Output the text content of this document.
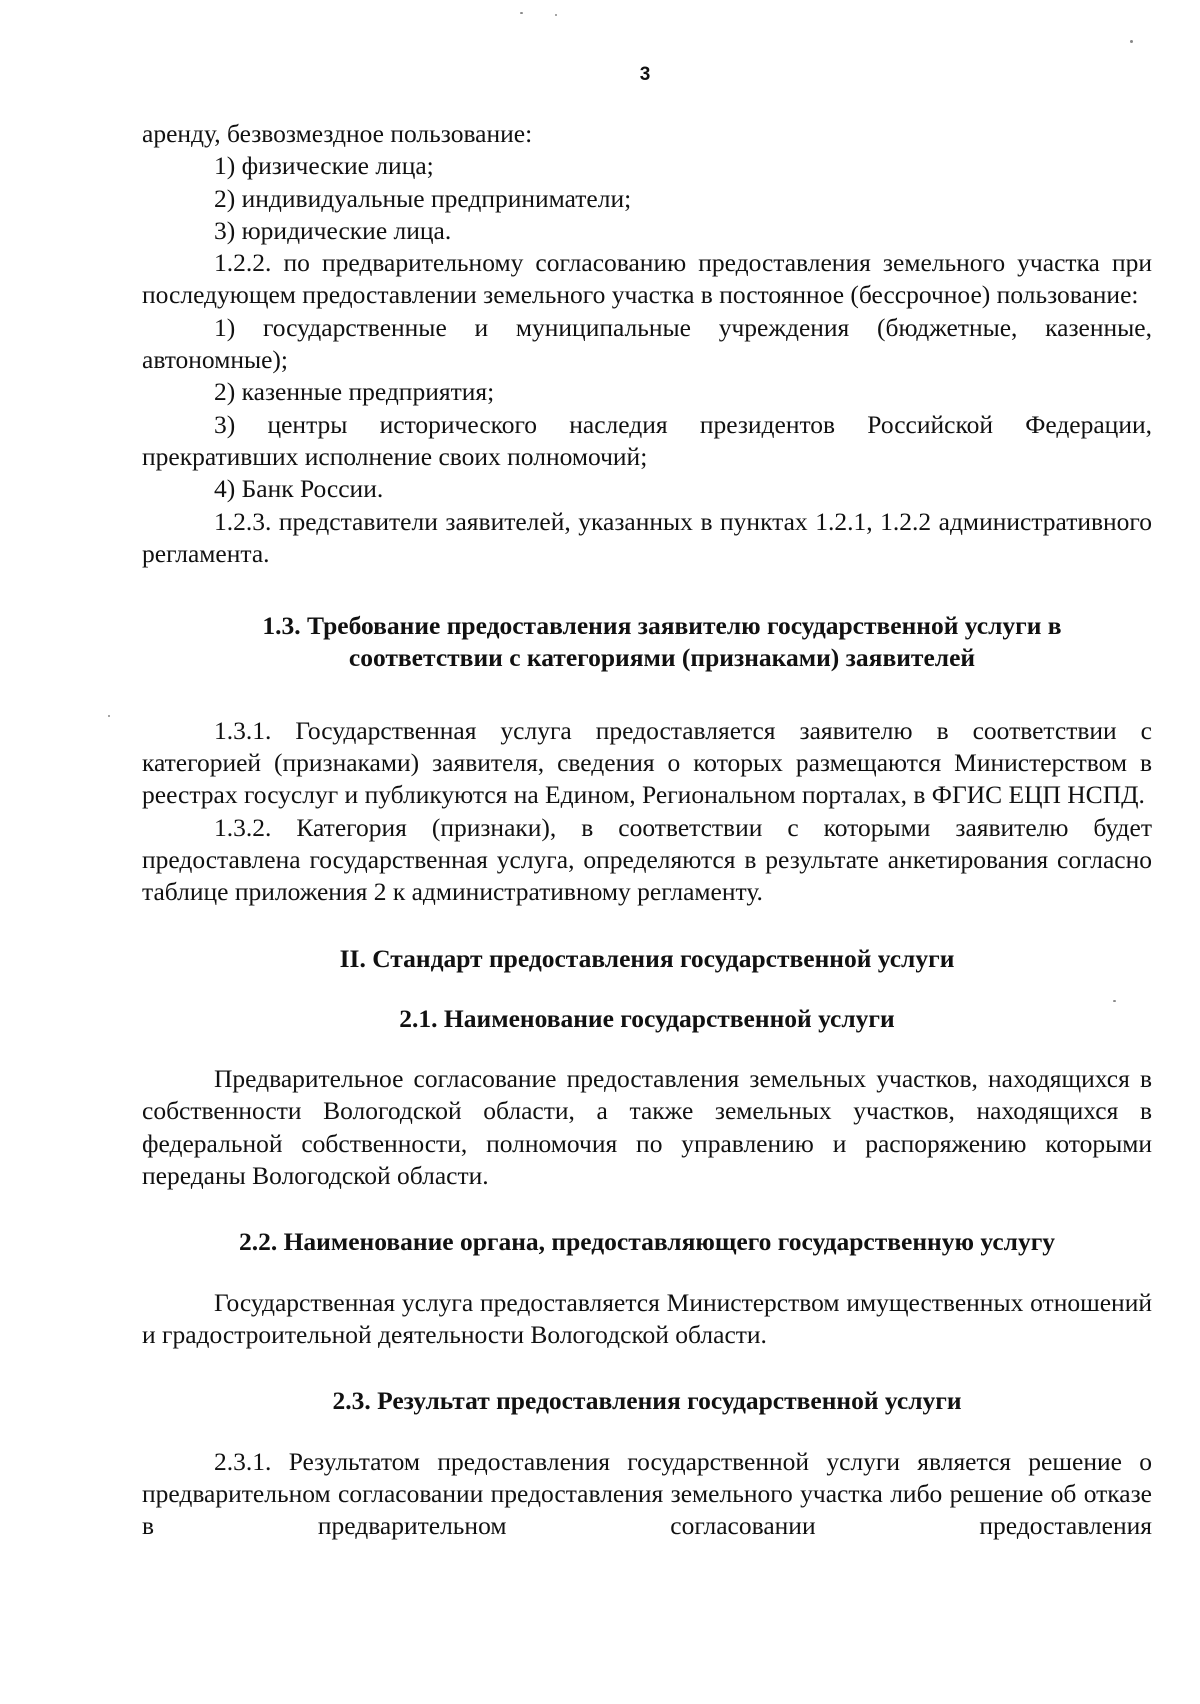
3

аренду, безвозмездное пользование:

1) физические лица;

2) индивидуальные предприниматели;

3) юридические лица.

1.2.2. по предварительному согласованию предоставления земельного участка при последующем предоставлении земельного участка в постоянное (бессрочное) пользование:

1) государственные и муниципальные учреждения (бюджетные, казенные, автономные);

2) казенные предприятия;

3) центры исторического наследия президентов Российской Федерации, прекративших исполнение своих полномочий;

4) Банк России.

1.2.3. представители заявителей, указанных в пунктах 1.2.1, 1.2.2 административного регламента.

1.3. Требование предоставления заявителю государственной услуги в соответствии с категориями (признаками) заявителей

1.3.1. Государственная услуга предоставляется заявителю в соответствии с категорией (признаками) заявителя, сведения о которых размещаются Министерством в реестрах госуслуг и публикуются на Едином, Региональном порталах, в ФГИС ЕЦП НСПД.

1.3.2. Категория (признаки), в соответствии с которыми заявителю будет предоставлена государственная услуга, определяются в результате анкетирования согласно таблице приложения 2 к административному регламенту.

II. Стандарт предоставления государственной услуги
2.1. Наименование государственной услуги

Предварительное согласование предоставления земельных участков, находящихся в собственности Вологодской области, а также земельных участков, находящихся в федеральной собственности, полномочия по управлению и распоряжению которыми переданы Вологодской области.

2.2. Наименование органа, предоставляющего государственную услугу

Государственная услуга предоставляется Министерством имущественных отношений и градостроительной деятельности Вологодской области.

2.3. Результат предоставления государственной услуги

2.3.1. Результатом предоставления государственной услуги является решение о предварительном согласовании предоставления земельного участка либо решение об отказе в предварительном согласовании предоставления
